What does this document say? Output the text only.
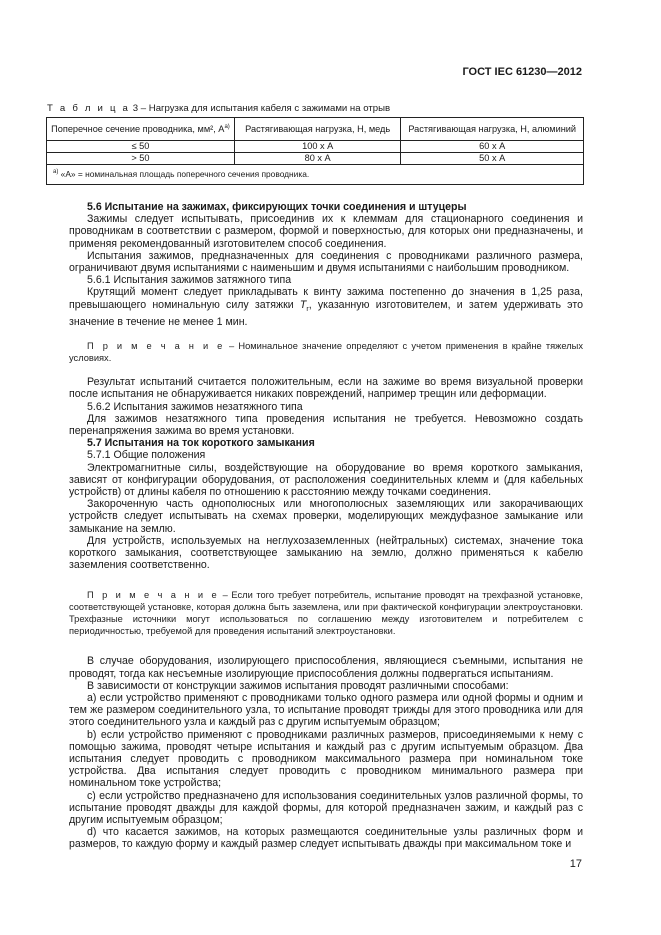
ГОСТ IEC 61230—2012
Т а б л и ц а 3 – Нагрузка для испытания кабеля с зажимами на отрыв
Поперечное сечение проводника, мм², $А^{a)}$	Растягивающая нагрузка, Н, медь	Растягивающая нагрузка, Н, алюминий
≤ 50	100 х А	60 х А
> 50	80 х А	50 х А
$^{a)}$ «А» = номинальная площадь поперечного сечения проводника.		

5.6 Испытание на зажимах, фиксирующих точки соединения и штуцеры

Зажимы следует испытывать, присоединив их к клеммам для стационарного соединения и проводникам в соответствии с размером, формой и поверхностью, для которых они предназначены, и применяя рекомендованный изготовителем способ соединения.

Испытания зажимов, предназначенных для соединения с проводниками различного размера, ограничивают двумя испытаниями с наименьшим и двумя испытаниями с наибольшим проводником.

5.6.1 Испытания зажимов затяжного типа

Крутящий момент следует прикладывать к винту зажима постепенно до значения в 1,25 раза, превышающего номинальную силу затяжки $T_r$, указанную изготовителем, и затем удерживать это значение в течение не менее 1 мин.

П р и м е ч а н и е – Номинальное значение определяют с учетом применения в крайне тяжелых условиях.

Результат испытаний считается положительным, если на зажиме во время визуальной проверки после испытания не обнаруживается никаких повреждений, например трещин или деформации.

5.6.2 Испытания зажимов незатяжного типа

Для зажимов незатяжного типа проведения испытания не требуется. Невозможно создать перенапряжения зажима во время установки.

5.7 Испытания на ток короткого замыкания

5.7.1 Общие положения

Электромагнитные силы, воздействующие на оборудование во время короткого замыкания, зависят от конфигурации оборудования, от расположения соединительных клемм и (для кабельных устройств) от длины кабеля по отношению к расстоянию между точками соединения.

Закороченную часть однополюсных или многополюсных заземляющих или закорачивающих устройств следует испытывать на схемах проверки, моделирующих междуфазное замыкание или замыкание на землю.

Для устройств, используемых на неглухозаземленных (нейтральных) системах, значение тока короткого замыкания, соответствующее замыканию на землю, должно применяться к кабелю заземления соответственно.

П р и м е ч а н и е – Если того требует потребитель, испытание проводят на трехфазной установке, соответствующей установке, которая должна быть заземлена, или при фактической конфигурации электроустановки. Трехфазные источники могут использоваться по соглашению между изготовителем и потребителем с периодичностью, требуемой для проведения испытаний электроустановки.

В случае оборудования, изолирующего приспособления, являющиеся съемными, испытания не проводят, тогда как несъемные изолирующие приспособления должны подвергаться испытаниям.

В зависимости от конструкции зажимов испытания проводят различными способами:

а) если устройство применяют с проводниками только одного размера или одной формы и одним и тем же размером соединительного узла, то испытание проводят трижды для этого проводника или для этого соединительного узла и каждый раз с другим испытуемым образцом;

b) если устройство применяют с проводниками различных размеров, присоединяемыми к нему с помощью зажима, проводят четыре испытания и каждый раз с другим испытуемым образцом. Два испытания следует проводить с проводником максимального размера при номинальном токе устройства. Два испытания следует проводить с проводником минимального размера при номинальном токе устройства;

с) если устройство предназначено для использования соединительных узлов различной формы, то испытание проводят дважды для каждой формы, для которой предназначен зажим, и каждый раз с другим испытуемым образцом;

d) что касается зажимов, на которых размещаются соединительные узлы различных форм и размеров, то каждую форму и каждый размер следует испытывать дважды при максимальном токе и

17
